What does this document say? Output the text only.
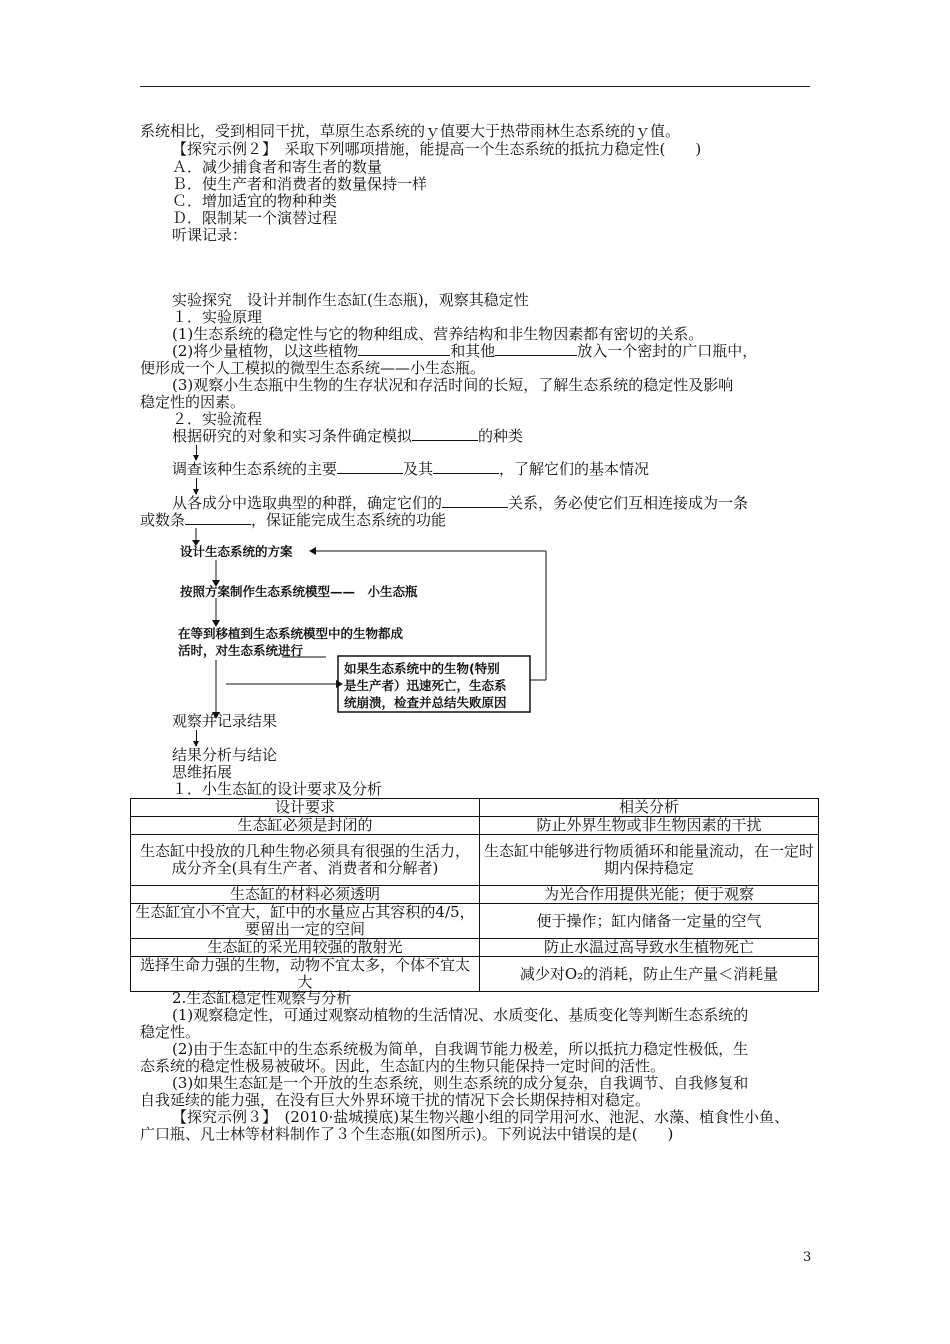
系统相比，受到相同干扰，草原生态系统的ｙ值要大于热带雨林生态系统的ｙ值。
【探究示例２】　采取下列哪项措施，能提高一个生态系统的抵抗力稳定性(　　)
Ａ．减少捕食者和寄生者的数量
Ｂ．使生产者和消费者的数量保持一样
Ｃ．增加适宜的物种种类
Ｄ．限制某一个演替过程
听课记录：
实验探究　设计并制作生态缸(生态瓶)，观察其稳定性
１．实验原理
(1)生态系统的稳定性与它的物种组成、营养结构和非生物因素都有密切的关系。
(2)将少量植物，以这些植物	和其他	放入一个密封的广口瓶中，
便形成一个人工模拟的微型生态系统——小生态瓶。
(3)观察小生态瓶中生物的生存状况和存活时间的长短，了解生态系统的稳定性及影响
稳定性的因素。
２．实验流程
根据研究的对象和实习条件确定模拟	的种类
调查该种生态系统的主要	及其	，了解它们的基本情况
从各成分中选取典型的种群，确定它们的	关系，务必使它们互相连接成为一条
或数条	，保证能完成生态系统的功能
设计生态系统的方案
按照方案制作生态系统模型——　小生态瓶
在等到移植到生态系统模型中的生物都成
活时，对生态系统进行
如果生态系统中的生物(特别
是生产者）迅速死亡，生态系
统崩溃，检查并总结失败原因
观察并记录结果
结果分析与结论
思维拓展
１．小生态缸的设计要求及分析
设计要求	相关分析
生态缸必须是封闭的	防止外界生物或非生物因素的干扰
生态缸中投放的几种生物必须具有很强的生活力，成分齐全(具有生产者、消费者和分解者)	生态缸中能够进行物质循环和能量流动，在一定时期内保持稳定
生态缸的材料必须透明	为光合作用提供光能；便于观察
生态缸宜小不宜大，缸中的水量应占其容积的4/5，要留出一定的空间	便于操作；缸内储备一定量的空气
生态缸的采光用较强的散射光	防止水温过高导致水生植物死亡
选择生命力强的生物，动物不宜太多，个体不宜太大	减少对O₂的消耗，防止生产量＜消耗量
2.生态缸稳定性观察与分析
(1)观察稳定性，可通过观察动植物的生活情况、水质变化、基质变化等判断生态系统的
稳定性。
(2)由于生态缸中的生态系统极为简单，自我调节能力极差，所以抵抗力稳定性极低，生
态系统的稳定性极易被破坏。因此，生态缸内的生物只能保持一定时间的活性。
(3)如果生态缸是一个开放的生态系统，则生态系统的成分复杂，自我调节、自我修复和
自我延续的能力强，在没有巨大外界环境干扰的情况下会长期保持相对稳定。
【探究示例３】　(2010·盐城摸底)某生物兴趣小组的同学用河水、池泥、水藻、植食性小鱼、
广口瓶、凡士林等材料制作了３个生态瓶(如图所示)。下列说法中错误的是(　　)
3
